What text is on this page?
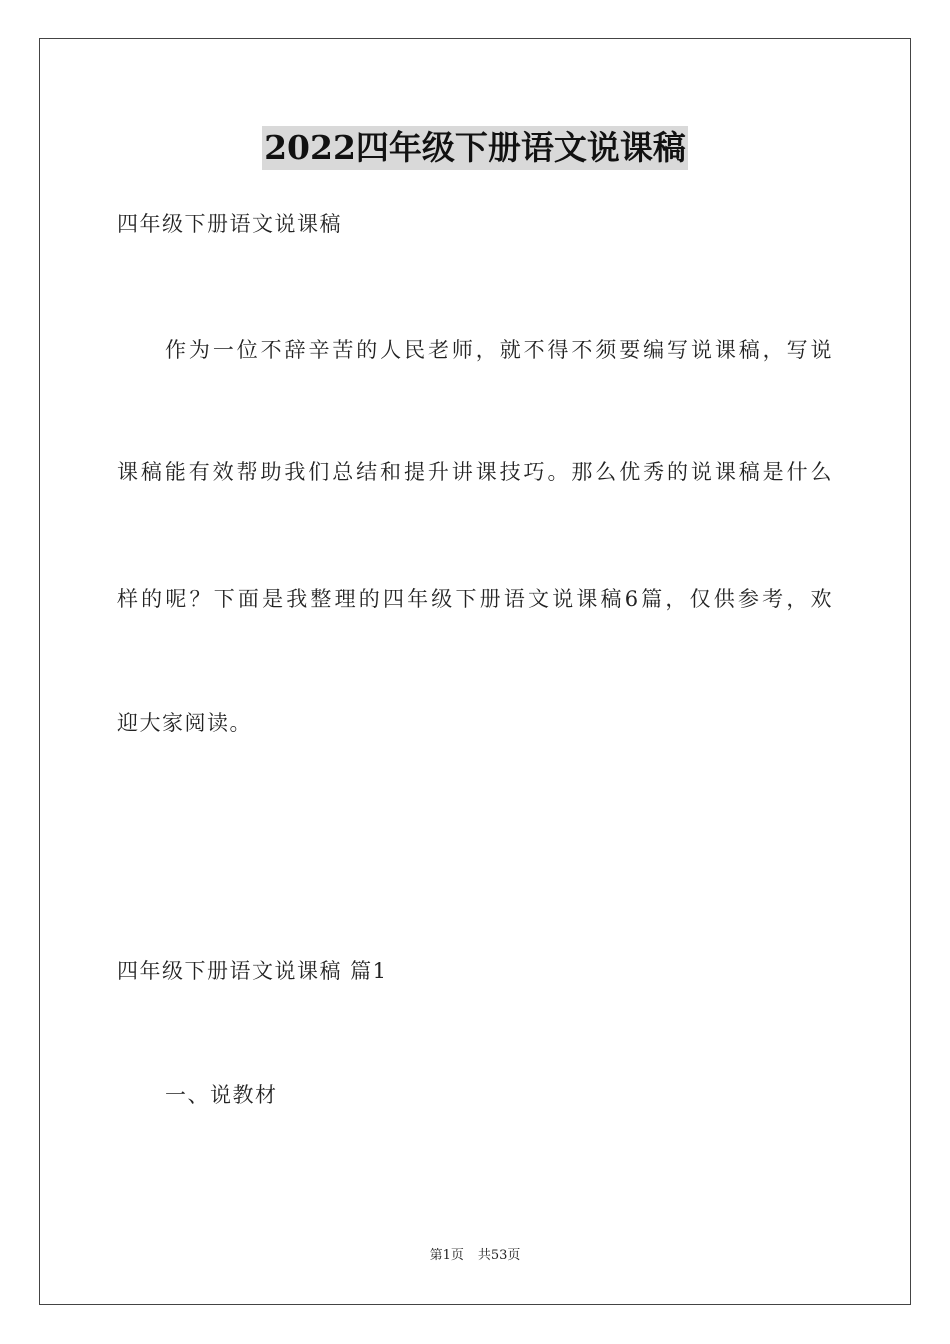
2022四年级下册语文说课稿
四年级下册语文说课稿
作为一位不辞辛苦的人民老师，就不得不须要编写说课稿，写说
课稿能有效帮助我们总结和提升讲课技巧。那么优秀的说课稿是什么
样的呢？下面是我整理的四年级下册语文说课稿6篇，仅供参考，欢
迎大家阅读。
四年级下册语文说课稿 篇1
一、说教材
第1页 共53页
